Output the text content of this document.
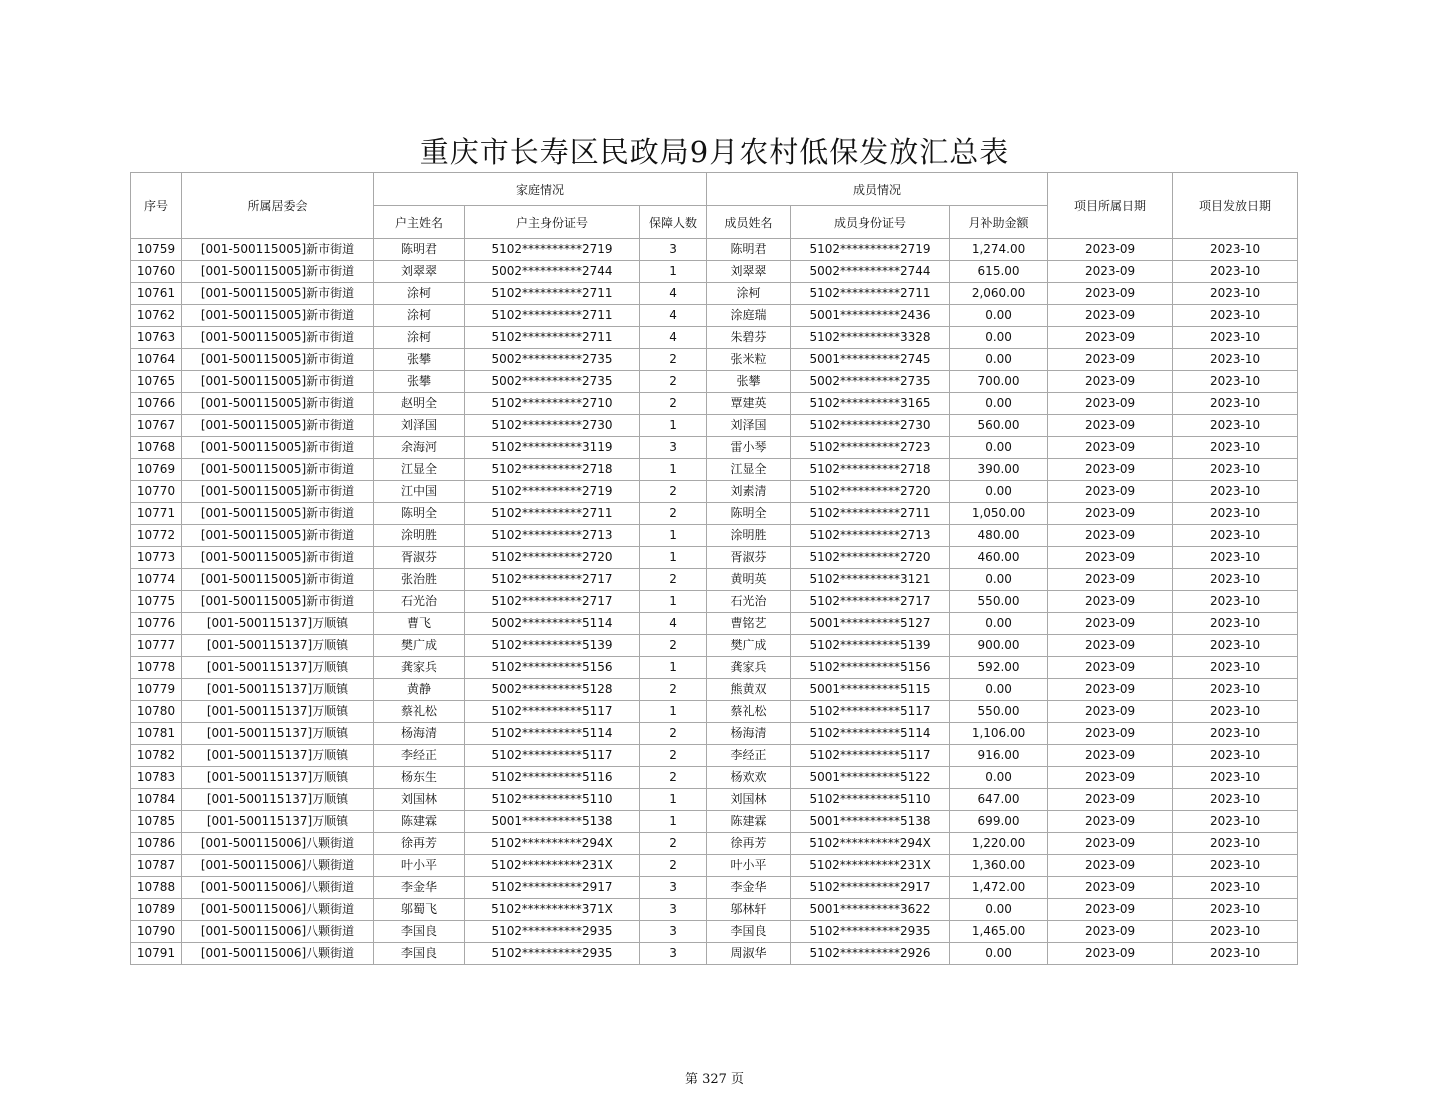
重庆市长寿区民政局9月农村低保发放汇总表
序号	所属居委会	家庭情况			成员情况			项目所属日期	项目发放日期
		户主姓名	户主身份证号	保障人数	成员姓名	成员身份证号	月补助金额		
10759	[001-500115005]新市街道	陈明君	5102**********2719	3	陈明君	5102**********2719	1,274.00	2023-09	2023-10
10760	[001-500115005]新市街道	刘翠翠	5002**********2744	1	刘翠翠	5002**********2744	615.00	2023-09	2023-10
10761	[001-500115005]新市街道	涂柯	5102**********2711	4	涂柯	5102**********2711	2,060.00	2023-09	2023-10
10762	[001-500115005]新市街道	涂柯	5102**********2711	4	涂庭瑞	5001**********2436	0.00	2023-09	2023-10
10763	[001-500115005]新市街道	涂柯	5102**********2711	4	朱碧芬	5102**********3328	0.00	2023-09	2023-10
10764	[001-500115005]新市街道	张攀	5002**********2735	2	张米粒	5001**********2745	0.00	2023-09	2023-10
10765	[001-500115005]新市街道	张攀	5002**********2735	2	张攀	5002**********2735	700.00	2023-09	2023-10
10766	[001-500115005]新市街道	赵明全	5102**********2710	2	覃建英	5102**********3165	0.00	2023-09	2023-10
10767	[001-500115005]新市街道	刘泽国	5102**********2730	1	刘泽国	5102**********2730	560.00	2023-09	2023-10
10768	[001-500115005]新市街道	余海河	5102**********3119	3	雷小琴	5102**********2723	0.00	2023-09	2023-10
10769	[001-500115005]新市街道	江显全	5102**********2718	1	江显全	5102**********2718	390.00	2023-09	2023-10
10770	[001-500115005]新市街道	江中国	5102**********2719	2	刘素清	5102**********2720	0.00	2023-09	2023-10
10771	[001-500115005]新市街道	陈明全	5102**********2711	2	陈明全	5102**********2711	1,050.00	2023-09	2023-10
10772	[001-500115005]新市街道	涂明胜	5102**********2713	1	涂明胜	5102**********2713	480.00	2023-09	2023-10
10773	[001-500115005]新市街道	胥淑芬	5102**********2720	1	胥淑芬	5102**********2720	460.00	2023-09	2023-10
10774	[001-500115005]新市街道	张治胜	5102**********2717	2	黄明英	5102**********3121	0.00	2023-09	2023-10
10775	[001-500115005]新市街道	石光治	5102**********2717	1	石光治	5102**********2717	550.00	2023-09	2023-10
10776	[001-500115137]万顺镇	曹飞	5002**********5114	4	曹铭艺	5001**********5127	0.00	2023-09	2023-10
10777	[001-500115137]万顺镇	樊广成	5102**********5139	2	樊广成	5102**********5139	900.00	2023-09	2023-10
10778	[001-500115137]万顺镇	龚家兵	5102**********5156	1	龚家兵	5102**********5156	592.00	2023-09	2023-10
10779	[001-500115137]万顺镇	黄静	5002**********5128	2	熊黄双	5001**********5115	0.00	2023-09	2023-10
10780	[001-500115137]万顺镇	蔡礼松	5102**********5117	1	蔡礼松	5102**********5117	550.00	2023-09	2023-10
10781	[001-500115137]万顺镇	杨海清	5102**********5114	2	杨海清	5102**********5114	1,106.00	2023-09	2023-10
10782	[001-500115137]万顺镇	李经正	5102**********5117	2	李经正	5102**********5117	916.00	2023-09	2023-10
10783	[001-500115137]万顺镇	杨东生	5102**********5116	2	杨欢欢	5001**********5122	0.00	2023-09	2023-10
10784	[001-500115137]万顺镇	刘国林	5102**********5110	1	刘国林	5102**********5110	647.00	2023-09	2023-10
10785	[001-500115137]万顺镇	陈建霖	5001**********5138	1	陈建霖	5001**********5138	699.00	2023-09	2023-10
10786	[001-500115006]八颗街道	徐再芳	5102**********294X	2	徐再芳	5102**********294X	1,220.00	2023-09	2023-10
10787	[001-500115006]八颗街道	叶小平	5102**********231X	2	叶小平	5102**********231X	1,360.00	2023-09	2023-10
10788	[001-500115006]八颗街道	李金华	5102**********2917	3	李金华	5102**********2917	1,472.00	2023-09	2023-10
10789	[001-500115006]八颗街道	邬蜀飞	5102**********371X	3	邬林轩	5001**********3622	0.00	2023-09	2023-10
10790	[001-500115006]八颗街道	李国良	5102**********2935	3	李国良	5102**********2935	1,465.00	2023-09	2023-10
10791	[001-500115006]八颗街道	李国良	5102**********2935	3	周淑华	5102**********2926	0.00	2023-09	2023-10
第 327 页
